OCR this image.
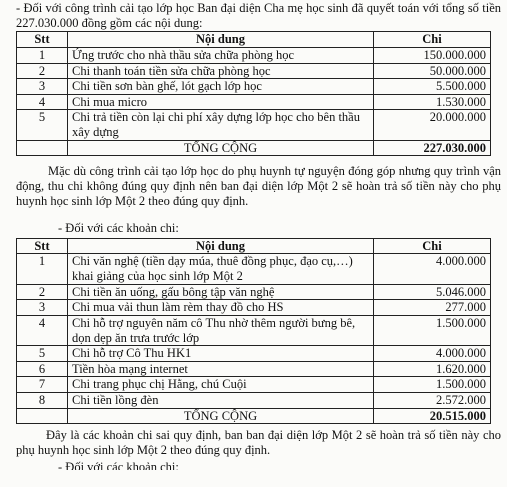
- Đối với công trình cải tạo lớp học Ban đại diện Cha mẹ học sinh đã quyết toán với tổng số tiền 227.030.000 đồng gồm các nội dung:

Stt	Nội dung	Chi
1	Ứng trước cho nhà thầu sửa chữa phòng học	150.000.000
2	Chi thanh toán tiền sửa chữa phòng học	50.000.000
3	Chi tiền sơn bàn ghế, lót gạch lớp học	5.500.000
4	Chi mua micro	1.530.000
5	Chi trả tiền còn lại chi phí xây dựng lớp học cho bên thầu xây dựng	20.000.000
	TỔNG CỘNG	227.030.000

Mặc dù công trình cải tạo lớp học do phụ huynh tự nguyện đóng góp nhưng quy trình vận động, thu chi không đúng quy định nên ban đại diện lớp Một 2 sẽ hoàn trả số tiền này cho phụ huynh học sinh lớp Một 2 theo đúng quy định.

- Đối với các khoản chi:

Stt	Nội dung	Chi
1	Chi văn nghệ (tiền dạy múa, thuê đồng phục, đạo cụ,…) khai giảng của học sinh lớp Một 2	4.000.000
2	Chi tiền ăn uống, gấu bông tập văn nghệ	5.046.000
3	Chi mua vải thun làm rèm thay đồ cho HS	277.000
4	Chi hỗ trợ nguyên năm cô Thu nhờ thêm người bưng bê, dọn dẹp ăn trưa trước lớp	1.500.000
5	Chi hỗ trợ Cô Thu HK1	4.000.000
6	Tiền hòa mạng internet	1.620.000
7	Chi trang phục chị Hằng, chú Cuội	1.500.000
8	Chi tiền lồng đèn	2.572.000
	TỔNG CỘNG	20.515.000

Đây là các khoản chi sai quy định, ban ban đại diện lớp Một 2 sẽ hoàn trả số tiền này cho phụ huynh học sinh lớp Một 2 theo đúng quy định.

- Đối với các khoản chi:
